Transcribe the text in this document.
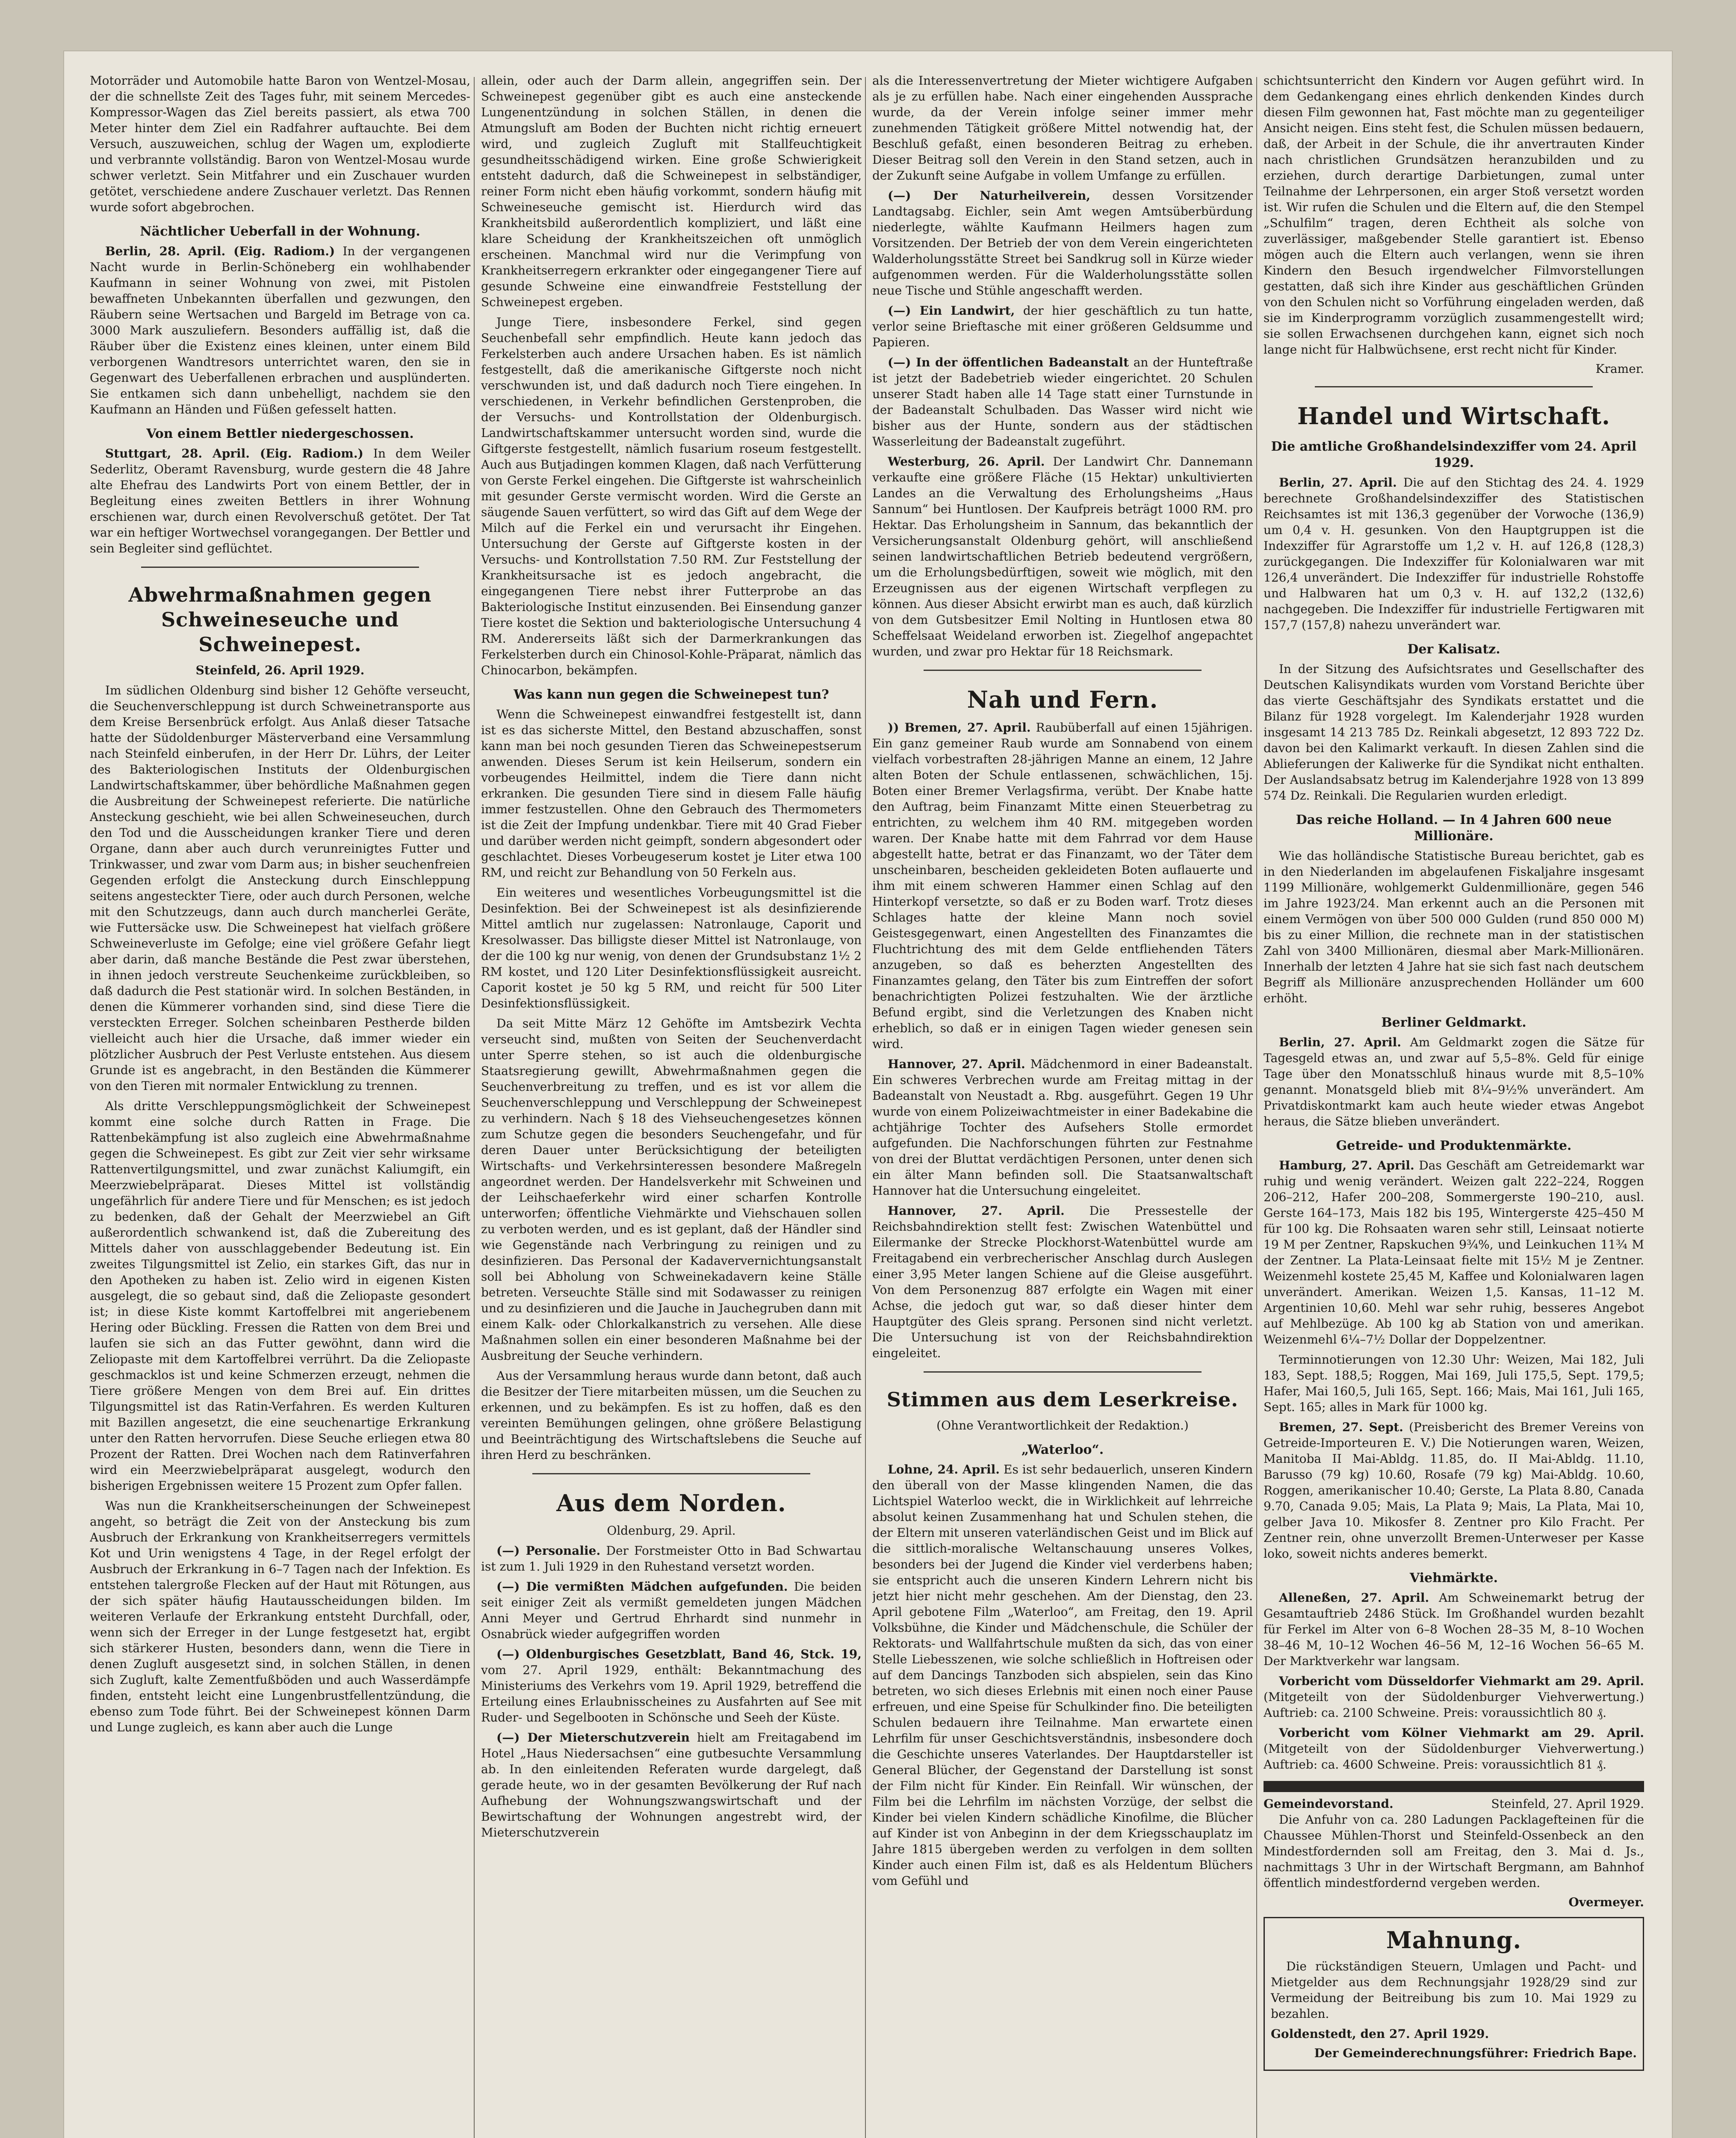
Motorräder und Automobile hatte Baron von Wentzel-Mosau, der die schnellste Zeit des Tages fuhr, mit seinem Mercedes-Kompressor-Wagen das Ziel bereits passiert, als etwa 700 Meter hinter dem Ziel ein Radfahrer auftauchte. Bei dem Versuch, auszuweichen, schlug der Wagen um, explodierte und verbrannte vollständig. Baron von Wentzel-Mosau wurde schwer verletzt. Sein Mitfahrer und ein Zuschauer wurden getötet, verschiedene andere Zuschauer verletzt. Das Rennen wurde sofort abgebrochen.

Nächtlicher Ueberfall in der Wohnung.

Berlin, 28. April. (Eig. Radiom.) In der vergangenen Nacht wurde in Berlin-Schöneberg ein wohlhabender Kaufmann in seiner Wohnung von zwei, mit Pistolen bewaffneten Unbekannten überfallen und gezwungen, den Räubern seine Wertsachen und Bargeld im Betrage von ca. 3000 Mark auszuliefern. Besonders auffällig ist, daß die Räuber über die Existenz eines kleinen, unter einem Bild verborgenen Wandtresors unterrichtet waren, den sie in Gegenwart des Ueberfallenen erbrachen und ausplünderten. Sie entkamen sich dann unbehelligt, nachdem sie den Kaufmann an Händen und Füßen gefesselt hatten.

Von einem Bettler niedergeschossen.

Stuttgart, 28. April. (Eig. Radiom.) In dem Weiler Sederlitz, Oberamt Ravensburg, wurde gestern die 48 Jahre alte Ehefrau des Landwirts Port von einem Bettler, der in Begleitung eines zweiten Bettlers in ihrer Wohnung erschienen war, durch einen Revolverschuß getötet. Der Tat war ein heftiger Wortwechsel vorangegangen. Der Bettler und sein Begleiter sind geflüchtet.

Abwehrmaßnahmen gegen Schweineseuche und Schweinepest.
Steinfeld, 26. April 1929.

Im südlichen Oldenburg sind bisher 12 Gehöfte verseucht, die Seuchenverschleppung ist durch Schweinetransporte aus dem Kreise Bersenbrück erfolgt. Aus Anlaß dieser Tatsache hatte der Südoldenburger Mästerverband eine Versammlung nach Steinfeld einberufen, in der Herr Dr. Lührs, der Leiter des Bakteriologischen Instituts der Oldenburgischen Landwirtschaftskammer, über behördliche Maßnahmen gegen die Ausbreitung der Schweinepest referierte. Die natürliche Ansteckung geschieht, wie bei allen Schweineseuchen, durch den Tod und die Ausscheidungen kranker Tiere und deren Organe, dann aber auch durch verunreinigtes Futter und Trinkwasser, und zwar vom Darm aus; in bisher seuchenfreien Gegenden erfolgt die Ansteckung durch Einschleppung seitens angesteckter Tiere, oder auch durch Personen, welche mit den Schutzzeugs, dann auch durch mancherlei Geräte, wie Futtersäcke usw. Die Schweinepest hat vielfach größere Schweineverluste im Gefolge; eine viel größere Gefahr liegt aber darin, daß manche Bestände die Pest zwar überstehen, in ihnen jedoch verstreute Seuchenkeime zurückbleiben, so daß dadurch die Pest stationär wird. In solchen Beständen, in denen die Kümmerer vorhanden sind, sind diese Tiere die versteckten Erreger. Solchen scheinbaren Pestherde bilden vielleicht auch hier die Ursache, daß immer wieder ein plötzlicher Ausbruch der Pest Verluste entstehen. Aus diesem Grunde ist es angebracht, in den Beständen die Kümmerer von den Tieren mit normaler Entwicklung zu trennen.

Als dritte Verschleppungsmöglichkeit der Schweinepest kommt eine solche durch Ratten in Frage. Die Rattenbekämpfung ist also zugleich eine Abwehrmaßnahme gegen die Schweinepest. Es gibt zur Zeit vier sehr wirksame Rattenvertilgungsmittel, und zwar zunächst Kaliumgift, ein Meerzwiebelpräparat. Dieses Mittel ist vollständig ungefährlich für andere Tiere und für Menschen; es ist jedoch zu bedenken, daß der Gehalt der Meerzwiebel an Gift außerordentlich schwankend ist, daß die Zubereitung des Mittels daher von ausschlaggebender Bedeutung ist. Ein zweites Tilgungsmittel ist Zelio, ein starkes Gift, das nur in den Apotheken zu haben ist. Zelio wird in eigenen Kisten ausgelegt, die so gebaut sind, daß die Zeliopaste gesondert ist; in diese Kiste kommt Kartoffelbrei mit angeriebenem Hering oder Bückling. Fressen die Ratten von dem Brei und laufen sie sich an das Futter gewöhnt, dann wird die Zeliopaste mit dem Kartoffelbrei verrührt. Da die Zeliopaste geschmacklos ist und keine Schmerzen erzeugt, nehmen die Tiere größere Mengen von dem Brei auf. Ein drittes Tilgungsmittel ist das Ratin-Verfahren. Es werden Kulturen mit Bazillen angesetzt, die eine seuchenartige Erkrankung unter den Ratten hervorrufen. Diese Seuche erliegen etwa 80 Prozent der Ratten. Drei Wochen nach dem Ratinverfahren wird ein Meerzwiebelpräparat ausgelegt, wodurch den bisherigen Ergebnissen weitere 15 Prozent zum Opfer fallen.

Was nun die Krankheitserscheinungen der Schweinepest angeht, so beträgt die Zeit von der Ansteckung bis zum Ausbruch der Erkrankung von Krankheitserregers vermittels Kot und Urin wenigstens 4 Tage, in der Regel erfolgt der Ausbruch der Erkrankung in 6–7 Tagen nach der Infektion. Es entstehen talergroße Flecken auf der Haut mit Rötungen, aus der sich später häufig Hautausscheidungen bilden. Im weiteren Verlaufe der Erkrankung entsteht Durchfall, oder, wenn sich der Erreger in der Lunge festgesetzt hat, ergibt sich stärkerer Husten, besonders dann, wenn die Tiere in denen Zugluft ausgesetzt sind, in solchen Ställen, in denen sich Zugluft, kalte Zementfußböden und auch Wasserdämpfe finden, entsteht leicht eine Lungenbrustfellentzündung, die ebenso zum Tode führt. Bei der Schweinepest können Darm und Lunge zugleich, es kann aber auch die Lunge

allein, oder auch der Darm allein, angegriffen sein. Der Schweinepest gegenüber gibt es auch eine ansteckende Lungenentzündung in solchen Ställen, in denen die Atmungsluft am Boden der Buchten nicht richtig erneuert wird, und zugleich Zugluft mit Stallfeuchtigkeit gesundheitsschädigend wirken. Eine große Schwierigkeit entsteht dadurch, daß die Schweinepest in selbständiger, reiner Form nicht eben häufig vorkommt, sondern häufig mit Schweineseuche gemischt ist. Hierdurch wird das Krankheitsbild außerordentlich kompliziert, und läßt eine klare Scheidung der Krankheitszeichen oft unmöglich erscheinen. Manchmal wird nur die Verimpfung von Krankheitserregern erkrankter oder eingegangener Tiere auf gesunde Schweine eine einwandfreie Feststellung der Schweinepest ergeben.

Junge Tiere, insbesondere Ferkel, sind gegen Seuchenbefall sehr empfindlich. Heute kann jedoch das Ferkelsterben auch andere Ursachen haben. Es ist nämlich festgestellt, daß die amerikanische Giftgerste noch nicht verschwunden ist, und daß dadurch noch Tiere eingehen. In verschiedenen, in Verkehr befindlichen Gerstenproben, die der Versuchs- und Kontrollstation der Oldenburgisch. Landwirtschaftskammer untersucht worden sind, wurde die Giftgerste festgestellt, nämlich fusarium roseum festgestellt. Auch aus Butjadingen kommen Klagen, daß nach Verfütterung von Gerste Ferkel eingehen. Die Giftgerste ist wahrscheinlich mit gesunder Gerste vermischt worden. Wird die Gerste an säugende Sauen verfüttert, so wird das Gift auf dem Wege der Milch auf die Ferkel ein und verursacht ihr Eingehen. Untersuchung der Gerste auf Giftgerste kosten in der Versuchs- und Kontrollstation 7.50 RM. Zur Feststellung der Krankheitsursache ist es jedoch angebracht, die eingegangenen Tiere nebst ihrer Futterprobe an das Bakteriologische Institut einzusenden. Bei Einsendung ganzer Tiere kostet die Sektion und bakteriologische Untersuchung 4 RM. Andererseits läßt sich der Darmerkrankungen das Ferkelsterben durch ein Chinosol-Kohle-Präparat, nämlich das Chinocarbon, bekämpfen.

Was kann nun gegen die Schweinepest tun?

Wenn die Schweinepest einwandfrei festgestellt ist, dann ist es das sicherste Mittel, den Bestand abzuschaffen, sonst kann man bei noch gesunden Tieren das Schweinepestserum anwenden. Dieses Serum ist kein Heilserum, sondern ein vorbeugendes Heilmittel, indem die Tiere dann nicht erkranken. Die gesunden Tiere sind in diesem Falle häufig immer festzustellen. Ohne den Gebrauch des Thermometers ist die Zeit der Impfung undenkbar. Tiere mit 40 Grad Fieber und darüber werden nicht geimpft, sondern abgesondert oder geschlachtet. Dieses Vorbeugeserum kostet je Liter etwa 100 RM, und reicht zur Behandlung von 50 Ferkeln aus.

Ein weiteres und wesentliches Vorbeugungsmittel ist die Desinfektion. Bei der Schweinepest ist als desinfizierende Mittel amtlich nur zugelassen: Natronlauge, Caporit und Kresolwasser. Das billigste dieser Mittel ist Natronlauge, von der die 100 kg nur wenig, von denen der Grundsubstanz 1½ 2 RM kostet, und 120 Liter Desinfektionsflüssigkeit ausreicht. Caporit kostet je 50 kg 5 RM, und reicht für 500 Liter Desinfektionsflüssigkeit.

Da seit Mitte März 12 Gehöfte im Amtsbezirk Vechta verseucht sind, mußten von Seiten der Seuchenverdacht unter Sperre stehen, so ist auch die oldenburgische Staatsregierung gewillt, Abwehrmaßnahmen gegen die Seuchenverbreitung zu treffen, und es ist vor allem die Seuchenverschleppung und Verschleppung der Schweinepest zu verhindern. Nach § 18 des Viehseuchengesetzes können zum Schutze gegen die besonders Seuchengefahr, und für deren Dauer unter Berücksichtigung der beteiligten Wirtschafts- und Verkehrsinteressen besondere Maßregeln angeordnet werden. Der Handelsverkehr mit Schweinen und der Leihschaeferkehr wird einer scharfen Kontrolle unterworfen; öffentliche Viehmärkte und Viehschauen sollen zu verboten werden, und es ist geplant, daß der Händler sind wie Gegenstände nach Verbringung zu reinigen und zu desinfizieren. Das Personal der Kadaververnichtungsanstalt soll bei Abholung von Schweinekadavern keine Ställe betreten. Verseuchte Ställe sind mit Sodawasser zu reinigen und zu desinfizieren und die Jauche in Jauchegruben dann mit einem Kalk- oder Chlorkalkanstrich zu versehen. Alle diese Maßnahmen sollen ein einer besonderen Maßnahme bei der Ausbreitung der Seuche verhindern.

Aus der Versammlung heraus wurde dann betont, daß auch die Besitzer der Tiere mitarbeiten müssen, um die Seuchen zu erkennen, und zu bekämpfen. Es ist zu hoffen, daß es den vereinten Bemühungen gelingen, ohne größere Belastigung und Beeinträchtigung des Wirtschaftslebens die Seuche auf ihren Herd zu beschränken.

Aus dem Norden.
Oldenburg, 29. April.

(—) Personalie. Der Forstmeister Otto in Bad Schwartau ist zum 1. Juli 1929 in den Ruhestand versetzt worden.

(—) Die vermißten Mädchen aufgefunden. Die beiden seit einiger Zeit als vermißt gemeldeten jungen Mädchen Anni Meyer und Gertrud Ehrhardt sind nunmehr in Osnabrück wieder aufgegriffen worden

(—) Oldenburgisches Gesetzblatt, Band 46, Stck. 19, vom 27. April 1929, enthält: Bekanntmachung des Ministeriums des Verkehrs vom 19. April 1929, betreffend die Erteilung eines Erlaubnisscheines zu Ausfahrten auf See mit Ruder- und Segelbooten in Schönsche und Seeh der Küste.

(—) Der Mieterschutzverein hielt am Freitagabend im Hotel „Haus Niedersachsen“ eine gutbesuchte Versammlung ab. In den einleitenden Referaten wurde dargelegt, daß gerade heute, wo in der gesamten Bevölkerung der Ruf nach Aufhebung der Wohnungszwangswirtschaft und der Bewirtschaftung der Wohnungen angestrebt wird, der Mieterschutzverein

als die Interessenvertretung der Mieter wichtigere Aufgaben als je zu erfüllen habe. Nach einer eingehenden Aussprache wurde, da der Verein infolge seiner immer mehr zunehmenden Tätigkeit größere Mittel notwendig hat, der Beschluß gefaßt, einen besonderen Beitrag zu erheben. Dieser Beitrag soll den Verein in den Stand setzen, auch in der Zukunft seine Aufgabe in vollem Umfange zu erfüllen.

(—) Der Naturheilverein, dessen Vorsitzender Landtagsabg. Eichler, sein Amt wegen Amtsüberbürdung niederlegte, wählte Kaufmann Heilmers hagen zum Vorsitzenden. Der Betrieb der von dem Verein eingerichteten Walderholungsstätte Street bei Sandkrug soll in Kürze wieder aufgenommen werden. Für die Walderholungsstätte sollen neue Tische und Stühle angeschafft werden.

(—) Ein Landwirt, der hier geschäftlich zu tun hatte, verlor seine Brieftasche mit einer größeren Geldsumme und Papieren.

(—) In der öffentlichen Badeanstalt an der Hunteftraße ist jetzt der Badebetrieb wieder eingerichtet. 20 Schulen unserer Stadt haben alle 14 Tage statt einer Turnstunde in der Badeanstalt Schulbaden. Das Wasser wird nicht wie bisher aus der Hunte, sondern aus der städtischen Wasserleitung der Badeanstalt zugeführt.

Westerburg, 26. April. Der Landwirt Chr. Dannemann verkaufte eine größere Fläche (15 Hektar) unkultivierten Landes an die Verwaltung des Erholungsheims „Haus Sannum“ bei Huntlosen. Der Kaufpreis beträgt 1000 RM. pro Hektar. Das Erholungsheim in Sannum, das bekanntlich der Versicherungsanstalt Oldenburg gehört, will anschließend seinen landwirtschaftlichen Betrieb bedeutend vergrößern, um die Erholungsbedürftigen, soweit wie möglich, mit den Erzeugnissen aus der eigenen Wirtschaft verpflegen zu können. Aus dieser Absicht erwirbt man es auch, daß kürzlich von dem Gutsbesitzer Emil Nolting in Huntlosen etwa 80 Scheffelsaat Weideland erworben ist. Ziegelhof angepachtet wurden, und zwar pro Hektar für 18 Reichsmark.

Nah und Fern.

)) Bremen, 27. April. Raubüberfall auf einen 15jährigen. Ein ganz gemeiner Raub wurde am Sonnabend von einem vielfach vorbestraften 28-jährigen Manne an einem, 12 Jahre alten Boten der Schule entlassenen, schwächlichen, 15j. Boten einer Bremer Verlagsfirma, verübt. Der Knabe hatte den Auftrag, beim Finanzamt Mitte einen Steuerbetrag zu entrichten, zu welchem ihm 40 RM. mitgegeben worden waren. Der Knabe hatte mit dem Fahrrad vor dem Hause abgestellt hatte, betrat er das Finanzamt, wo der Täter dem unscheinbaren, bescheiden gekleideten Boten auflauerte und ihm mit einem schweren Hammer einen Schlag auf den Hinterkopf versetzte, so daß er zu Boden warf. Trotz dieses Schlages hatte der kleine Mann noch soviel Geistesgegenwart, einen Angestellten des Finanzamtes die Fluchtrichtung des mit dem Gelde entfliehenden Täters anzugeben, so daß es beherzten Angestellten des Finanzamtes gelang, den Täter bis zum Eintreffen der sofort benachrichtigten Polizei festzuhalten. Wie der ärztliche Befund ergibt, sind die Verletzungen des Knaben nicht erheblich, so daß er in einigen Tagen wieder genesen sein wird.

Hannover, 27. April. Mädchenmord in einer Badeanstalt. Ein schweres Verbrechen wurde am Freitag mittag in der Badeanstalt von Neustadt a. Rbg. ausgeführt. Gegen 19 Uhr wurde von einem Polizeiwachtmeister in einer Badekabine die achtjährige Tochter des Aufsehers Stolle ermordet aufgefunden. Die Nachforschungen führten zur Festnahme von drei der Bluttat verdächtigen Personen, unter denen sich ein älter Mann befinden soll. Die Staatsanwaltschaft Hannover hat die Untersuchung eingeleitet.

Hannover, 27. April. Die Pressestelle der Reichsbahndirektion stellt fest: Zwischen Watenbüttel und Eilermanke der Strecke Plockhorst-Watenbüttel wurde am Freitagabend ein verbrecherischer Anschlag durch Auslegen einer 3,95 Meter langen Schiene auf die Gleise ausgeführt. Von dem Personenzug 887 erfolgte ein Wagen mit einer Achse, die jedoch gut war, so daß dieser hinter dem Hauptgüter des Gleis sprang. Personen sind nicht verletzt. Die Untersuchung ist von der Reichsbahndirektion eingeleitet.

Stimmen aus dem Leserkreise.
(Ohne Verantwortlichkeit der Redaktion.)
„Waterloo“.

Lohne, 24. April. Es ist sehr bedauerlich, unseren Kindern den überall von der Masse klingenden Namen, die das Lichtspiel Waterloo weckt, die in Wirklichkeit auf lehrreiche absolut keinen Zusammenhang hat und Schulen stehen, die der Eltern mit unseren vaterländischen Geist und im Blick auf die sittlich-moralische Weltanschauung unseres Volkes, besonders bei der Jugend die Kinder viel verderbens haben; sie entspricht auch die unseren Kindern Lehrern nicht bis jetzt hier nicht mehr geschehen. Am der Dienstag, den 23. April gebotene Film „Waterloo“, am Freitag, den 19. April Volksbühne, die Kinder und Mädchenschule, die Schüler der Rektorats- und Wallfahrtschule mußten da sich, das von einer Stelle Liebesszenen, wie solche schließlich in Hoftreisen oder auf dem Dancings Tanzboden sich abspielen, sein das Kino betreten, wo sich dieses Erlebnis mit einen noch einer Pause erfreuen, und eine Speise für Schulkinder fino. Die beteiligten Schulen bedauern ihre Teilnahme. Man erwartete einen Lehrfilm für unser Geschichtsverständnis, insbesondere doch die Geschichte unseres Vaterlandes. Der Hauptdarsteller ist General Blücher, der Gegenstand der Darstellung ist sonst der Film nicht für Kinder. Ein Reinfall. Wir wünschen, der Film bei die Lehrfilm im nächsten Vorzüge, der selbst die Kinder bei vielen Kindern schädliche Kinofilme, die Blücher auf Kinder ist von Anbeginn in der dem Kriegsschauplatz im Jahre 1815 übergeben werden zu verfolgen in dem sollten Kinder auch einen Film ist, daß es als Heldentum Blüchers vom Gefühl und

schichtsunterricht den Kindern vor Augen geführt wird. In dem Gedankengang eines ehrlich denkenden Kindes durch diesen Film gewonnen hat, Fast möchte man zu gegenteiliger Ansicht neigen. Eins steht fest, die Schulen müssen bedauern, daß, der Arbeit in der Schule, die ihr anvertrauten Kinder nach christlichen Grundsätzen heranzubilden und zu erziehen, durch derartige Darbietungen, zumal unter Teilnahme der Lehrpersonen, ein arger Stoß versetzt worden ist. Wir rufen die Schulen und die Eltern auf, die den Stempel „Schulfilm“ tragen, deren Echtheit als solche von zuverlässiger, maßgebender Stelle garantiert ist. Ebenso mögen auch die Eltern auch verlangen, wenn sie ihren Kindern den Besuch irgendwelcher Filmvorstellungen gestatten, daß sich ihre Kinder aus geschäftlichen Gründen von den Schulen nicht so Vorführung eingeladen werden, daß sie im Kinderprogramm vorzüglich zusammengestellt wird; sie sollen Erwachsenen durchgehen kann, eignet sich noch lange nicht für Halbwüchsene, erst recht nicht für Kinder.

Kramer.
Handel und Wirtschaft.
Die amtliche Großhandelsindexziffer vom 24. April 1929.

Berlin, 27. April. Die auf den Stichtag des 24. 4. 1929 berechnete Großhandelsindexziffer des Statistischen Reichsamtes ist mit 136,3 gegenüber der Vorwoche (136,9) um 0,4 v. H. gesunken. Von den Hauptgruppen ist die Indexziffer für Agrarstoffe um 1,2 v. H. auf 126,8 (128,3) zurückgegangen. Die Indexziffer für Kolonialwaren war mit 126,4 unverändert. Die Indexziffer für industrielle Rohstoffe und Halbwaren hat um 0,3 v. H. auf 132,2 (132,6) nachgegeben. Die Indexziffer für industrielle Fertigwaren mit 157,7 (157,8) nahezu unverändert war.

Der Kalisatz.

In der Sitzung des Aufsichtsrates und Gesellschafter des Deutschen Kalisyndikats wurden vom Vorstand Berichte über das vierte Geschäftsjahr des Syndikats erstattet und die Bilanz für 1928 vorgelegt. Im Kalenderjahr 1928 wurden insgesamt 14 213 785 Dz. Reinkali abgesetzt, 12 893 722 Dz. davon bei den Kalimarkt verkauft. In diesen Zahlen sind die Ablieferungen der Kaliwerke für die Syndikat nicht enthalten. Der Auslandsabsatz betrug im Kalenderjahre 1928 von 13 899 574 Dz. Reinkali. Die Regularien wurden erledigt.

Das reiche Holland. — In 4 Jahren 600 neue Millionäre.

Wie das holländische Statistische Bureau berichtet, gab es in den Niederlanden im abgelaufenen Fiskaljahre insgesamt 1199 Millionäre, wohlgemerkt Guldenmillionäre, gegen 546 im Jahre 1923/24. Man erkennt auch an die Personen mit einem Vermögen von über 500 000 Gulden (rund 850 000 M) bis zu einer Million, die rechnete man in der statistischen Zahl von 3400 Millionären, diesmal aber Mark-Millionären. Innerhalb der letzten 4 Jahre hat sie sich fast nach deutschem Begriff als Millionäre anzusprechenden Holländer um 600 erhöht.

Berliner Geldmarkt.

Berlin, 27. April. Am Geldmarkt zogen die Sätze für Tagesgeld etwas an, und zwar auf 5,5–8%. Geld für einige Tage über den Monatsschluß hinaus wurde mit 8,5–10% genannt. Monatsgeld blieb mit 8¼–9½% unverändert. Am Privatdiskontmarkt kam auch heute wieder etwas Angebot heraus, die Sätze blieben unverändert.

Getreide- und Produktenmärkte.

Hamburg, 27. April. Das Geschäft am Getreidemarkt war ruhig und wenig verändert. Weizen galt 222–224, Roggen 206–212, Hafer 200–208, Sommergerste 190–210, ausl. Gerste 164–173, Mais 182 bis 195, Wintergerste 425–450 M für 100 kg. Die Rohsaaten waren sehr still, Leinsaat notierte 19 M per Zentner, Rapskuchen 9¾%, und Leinkuchen 11¾ M der Zentner. La Plata-Leinsaat fielte mit 15½ M je Zentner. Weizenmehl kostete 25,45 M, Kaffee und Kolonialwaren lagen unverändert. Amerikan. Weizen 1,5. Kansas, 11–12 M. Argentinien 10,60. Mehl war sehr ruhig, besseres Angebot auf Mehlbezüge. Ab 100 kg ab Station von und amerikan. Weizenmehl 6¼–7½ Dollar der Doppelzentner.

Terminnotierungen von 12.30 Uhr: Weizen, Mai 182, Juli 183, Sept. 188,5; Roggen, Mai 169, Juli 175,5, Sept. 179,5; Hafer, Mai 160,5, Juli 165, Sept. 166; Mais, Mai 161, Juli 165, Sept. 165; alles in Mark für 1000 kg.

Bremen, 27. Sept. (Preisbericht des Bremer Vereins von Getreide-Importeuren E. V.) Die Notierungen waren, Weizen, Manitoba II Mai-Abldg. 11.85, do. II Mai-Abldg. 11.10, Barusso (79 kg) 10.60, Rosafe (79 kg) Mai-Abldg. 10.60, Roggen, amerikanischer 10.40; Gerste, La Plata 8.80, Canada 9.70, Canada 9.05; Mais, La Plata 9; Mais, La Plata, Mai 10, gelber Java 10. Mikosfer 8. Zentner pro Kilo Fracht. Per Zentner rein, ohne unverzollt Bremen-Unterweser per Kasse loko, soweit nichts anderes bemerkt.

Viehmärkte.

Alleneßen, 27. April. Am Schweinemarkt betrug der Gesamtauftrieb 2486 Stück. Im Großhandel wurden bezahlt für Ferkel im Alter von 6–8 Wochen 28–35 M, 8–10 Wochen 38–46 M, 10–12 Wochen 46–56 M, 12–16 Wochen 56–65 M. Der Marktverkehr war langsam.

Vorbericht vom Düsseldorfer Viehmarkt am 29. April. (Mitgeteilt von der Südoldenburger Viehverwertung.) Auftrieb: ca. 2100 Schweine. Preis: voraussichtlich 80 ₰.

Vorbericht vom Kölner Viehmarkt am 29. April. (Mitgeteilt von der Südoldenburger Viehverwertung.) Auftrieb: ca. 4600 Schweine. Preis: voraussichtlich 81 ₰.

Gemeindevorstand.	Steinfeld, 27. April 1929.

Die Anfuhr von ca. 280 Ladungen Packlagefteinen für die Chaussee Mühlen-Thorst und Steinfeld-Ossenbeck an den Mindestfordernden soll am Freitag, den 3. Mai d. Js., nachmittags 3 Uhr in der Wirtschaft Bergmann, am Bahnhof öffentlich mindestfordernd vergeben werden.

Overmeyer.
Mahnung.

Die rückständigen Steuern, Umlagen und Pacht- und Mietgelder aus dem Rechnungsjahr 1928/29 sind zur Vermeidung der Beitreibung bis zum 10. Mai 1929 zu bezahlen.

Goldenstedt, den 27. April 1929.

Der Gemeinderechnungsführer: Friedrich Bape.
